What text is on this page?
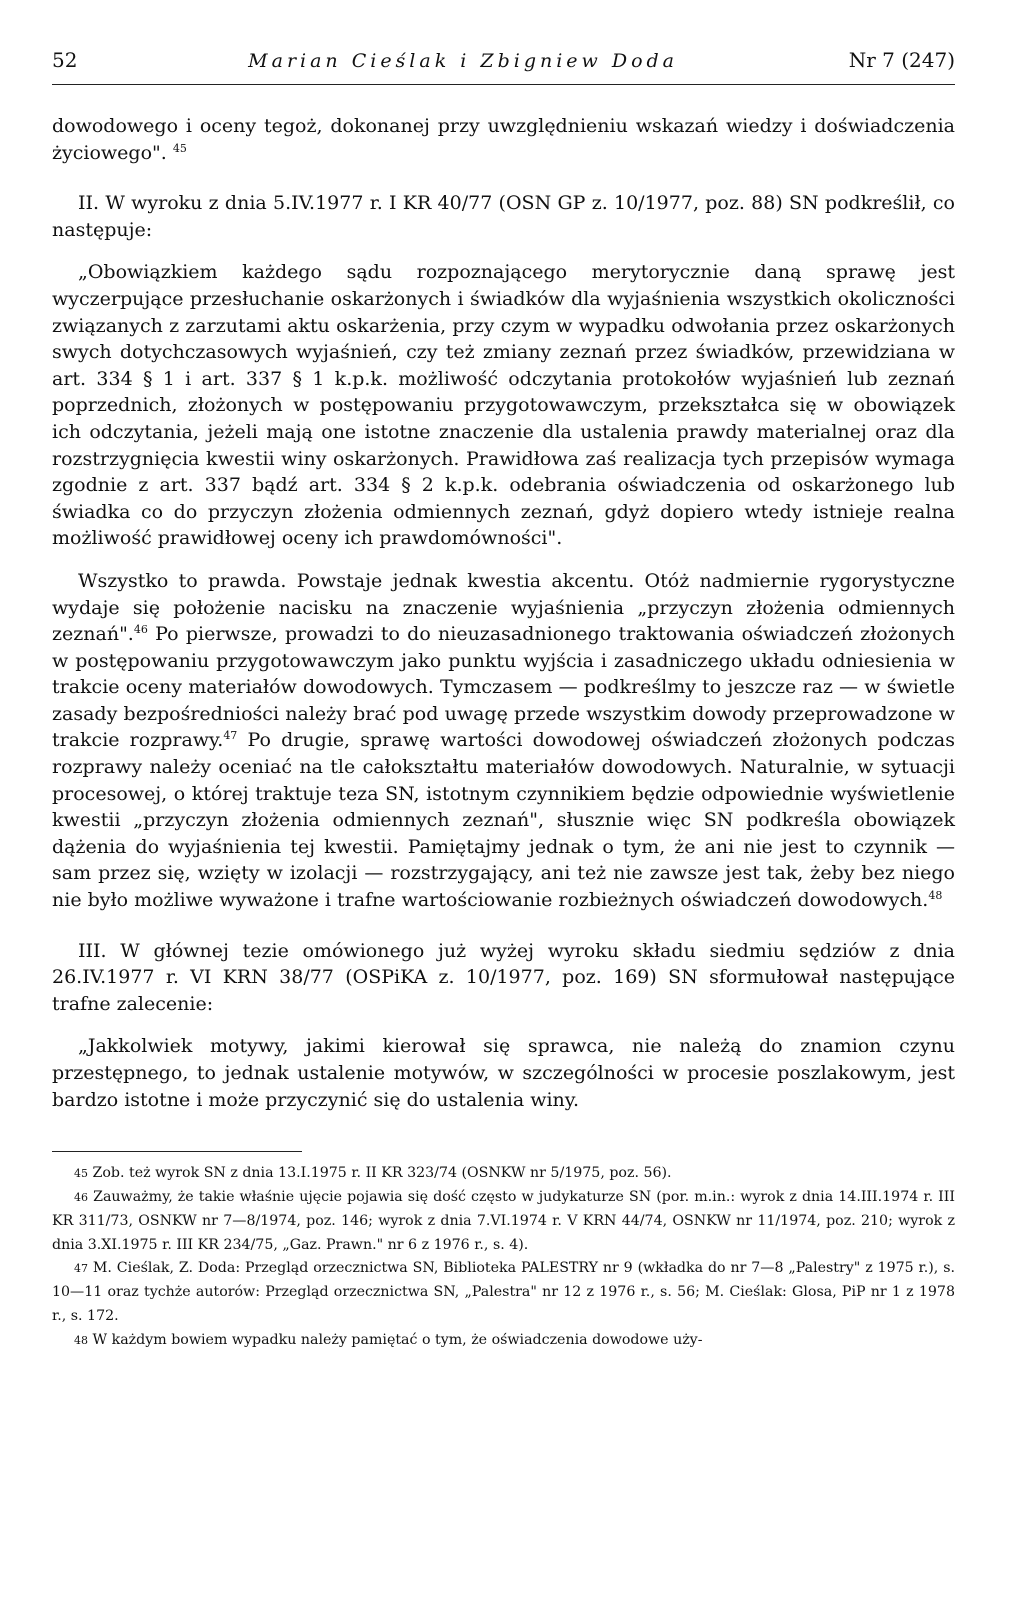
52	Marian Cieślak i Zbigniew Doda	Nr 7 (247)

dowodowego i oceny tegoż, dokonanej przy uwzględnieniu wskazań wiedzy i doświadczenia życiowego". $^{45}$

II. W wyroku z dnia 5.IV.1977 r. I KR 40/77 (OSN GP z. 10/1977, poz. 88) SN podkreślił, co następuje:

„Obowiązkiem każdego sądu rozpoznającego merytorycznie daną sprawę jest wyczerpujące przesłuchanie oskarżonych i świadków dla wyjaśnienia wszystkich okoliczności związanych z zarzutami aktu oskarżenia, przy czym w wypadku odwołania przez oskarżonych swych dotychczasowych wyjaśnień, czy też zmiany zeznań przez świadków, przewidziana w art. 334 § 1 i art. 337 § 1 k.p.k. możliwość odczytania protokołów wyjaśnień lub zeznań poprzednich, złożonych w postępowaniu przygotowawczym, przekształca się w obowiązek ich odczytania, jeżeli mają one istotne znaczenie dla ustalenia prawdy materialnej oraz dla rozstrzygnięcia kwestii winy oskarżonych. Prawidłowa zaś realizacja tych przepisów wymaga zgodnie z art. 337 bądź art. 334 § 2 k.p.k. odebrania oświadczenia od oskarżonego lub świadka co do przyczyn złożenia odmiennych zeznań, gdyż dopiero wtedy istnieje realna możliwość prawidłowej oceny ich prawdomówności".

Wszystko to prawda. Powstaje jednak kwestia akcentu. Otóż nadmiernie rygorystyczne wydaje się położenie nacisku na znaczenie wyjaśnienia „przyczyn złożenia odmiennych zeznań".$^{46}$ Po pierwsze, prowadzi to do nieuzasadnionego traktowania oświadczeń złożonych w postępowaniu przygotowawczym jako punktu wyjścia i zasadniczego układu odniesienia w trakcie oceny materiałów dowodowych. Tymczasem — podkreślmy to jeszcze raz — w świetle zasady bezpośredniości należy brać pod uwagę przede wszystkim dowody przeprowadzone w trakcie rozprawy.$^{47}$ Po drugie, sprawę wartości dowodowej oświadczeń złożonych podczas rozprawy należy oceniać na tle całokształtu materiałów dowodowych. Naturalnie, w sytuacji procesowej, o której traktuje teza SN, istotnym czynnikiem będzie odpowiednie wyświetlenie kwestii „przyczyn złożenia odmiennych zeznań", słusznie więc SN podkreśla obowiązek dążenia do wyjaśnienia tej kwestii. Pamiętajmy jednak o tym, że ani nie jest to czynnik — sam przez się, wzięty w izolacji — rozstrzygający, ani też nie zawsze jest tak, żeby bez niego nie było możliwe wyważone i trafne wartościowanie rozbieżnych oświadczeń dowodowych.$^{48}$

III. W głównej tezie omówionego już wyżej wyroku składu siedmiu sędziów z dnia 26.IV.1977 r. VI KRN 38/77 (OSPiKA z. 10/1977, poz. 169) SN sformułował następujące trafne zalecenie:

„Jakkolwiek motywy, jakimi kierował się sprawca, nie należą do znamion czynu przestępnego, to jednak ustalenie motywów, w szczególności w procesie poszlakowym, jest bardzo istotne i może przyczynić się do ustalenia winy.

45 Zob. też wyrok SN z dnia 13.I.1975 r. II KR 323/74 (OSNKW nr 5/1975, poz. 56).

46 Zauważmy, że takie właśnie ujęcie pojawia się dość często w judykaturze SN (por. m.in.: wyrok z dnia 14.III.1974 r. III KR 311/73, OSNKW nr 7—8/1974, poz. 146; wyrok z dnia 7.VI.1974 r. V KRN 44/74, OSNKW nr 11/1974, poz. 210; wyrok z dnia 3.XI.1975 r. III KR 234/75, „Gaz. Prawn." nr 6 z 1976 r., s. 4).

47 M. Cieślak, Z. Doda: Przegląd orzecznictwa SN, Biblioteka PALESTRY nr 9 (wkładka do nr 7—8 „Palestry" z 1975 r.), s. 10—11 oraz tychże autorów: Przegląd orzecznictwa SN, „Palestra" nr 12 z 1976 r., s. 56; M. Cieślak: Glosa, PiP nr 1 z 1978 r., s. 172.

48 W każdym bowiem wypadku należy pamiętać o tym, że oświadczenia dowodowe uży-
